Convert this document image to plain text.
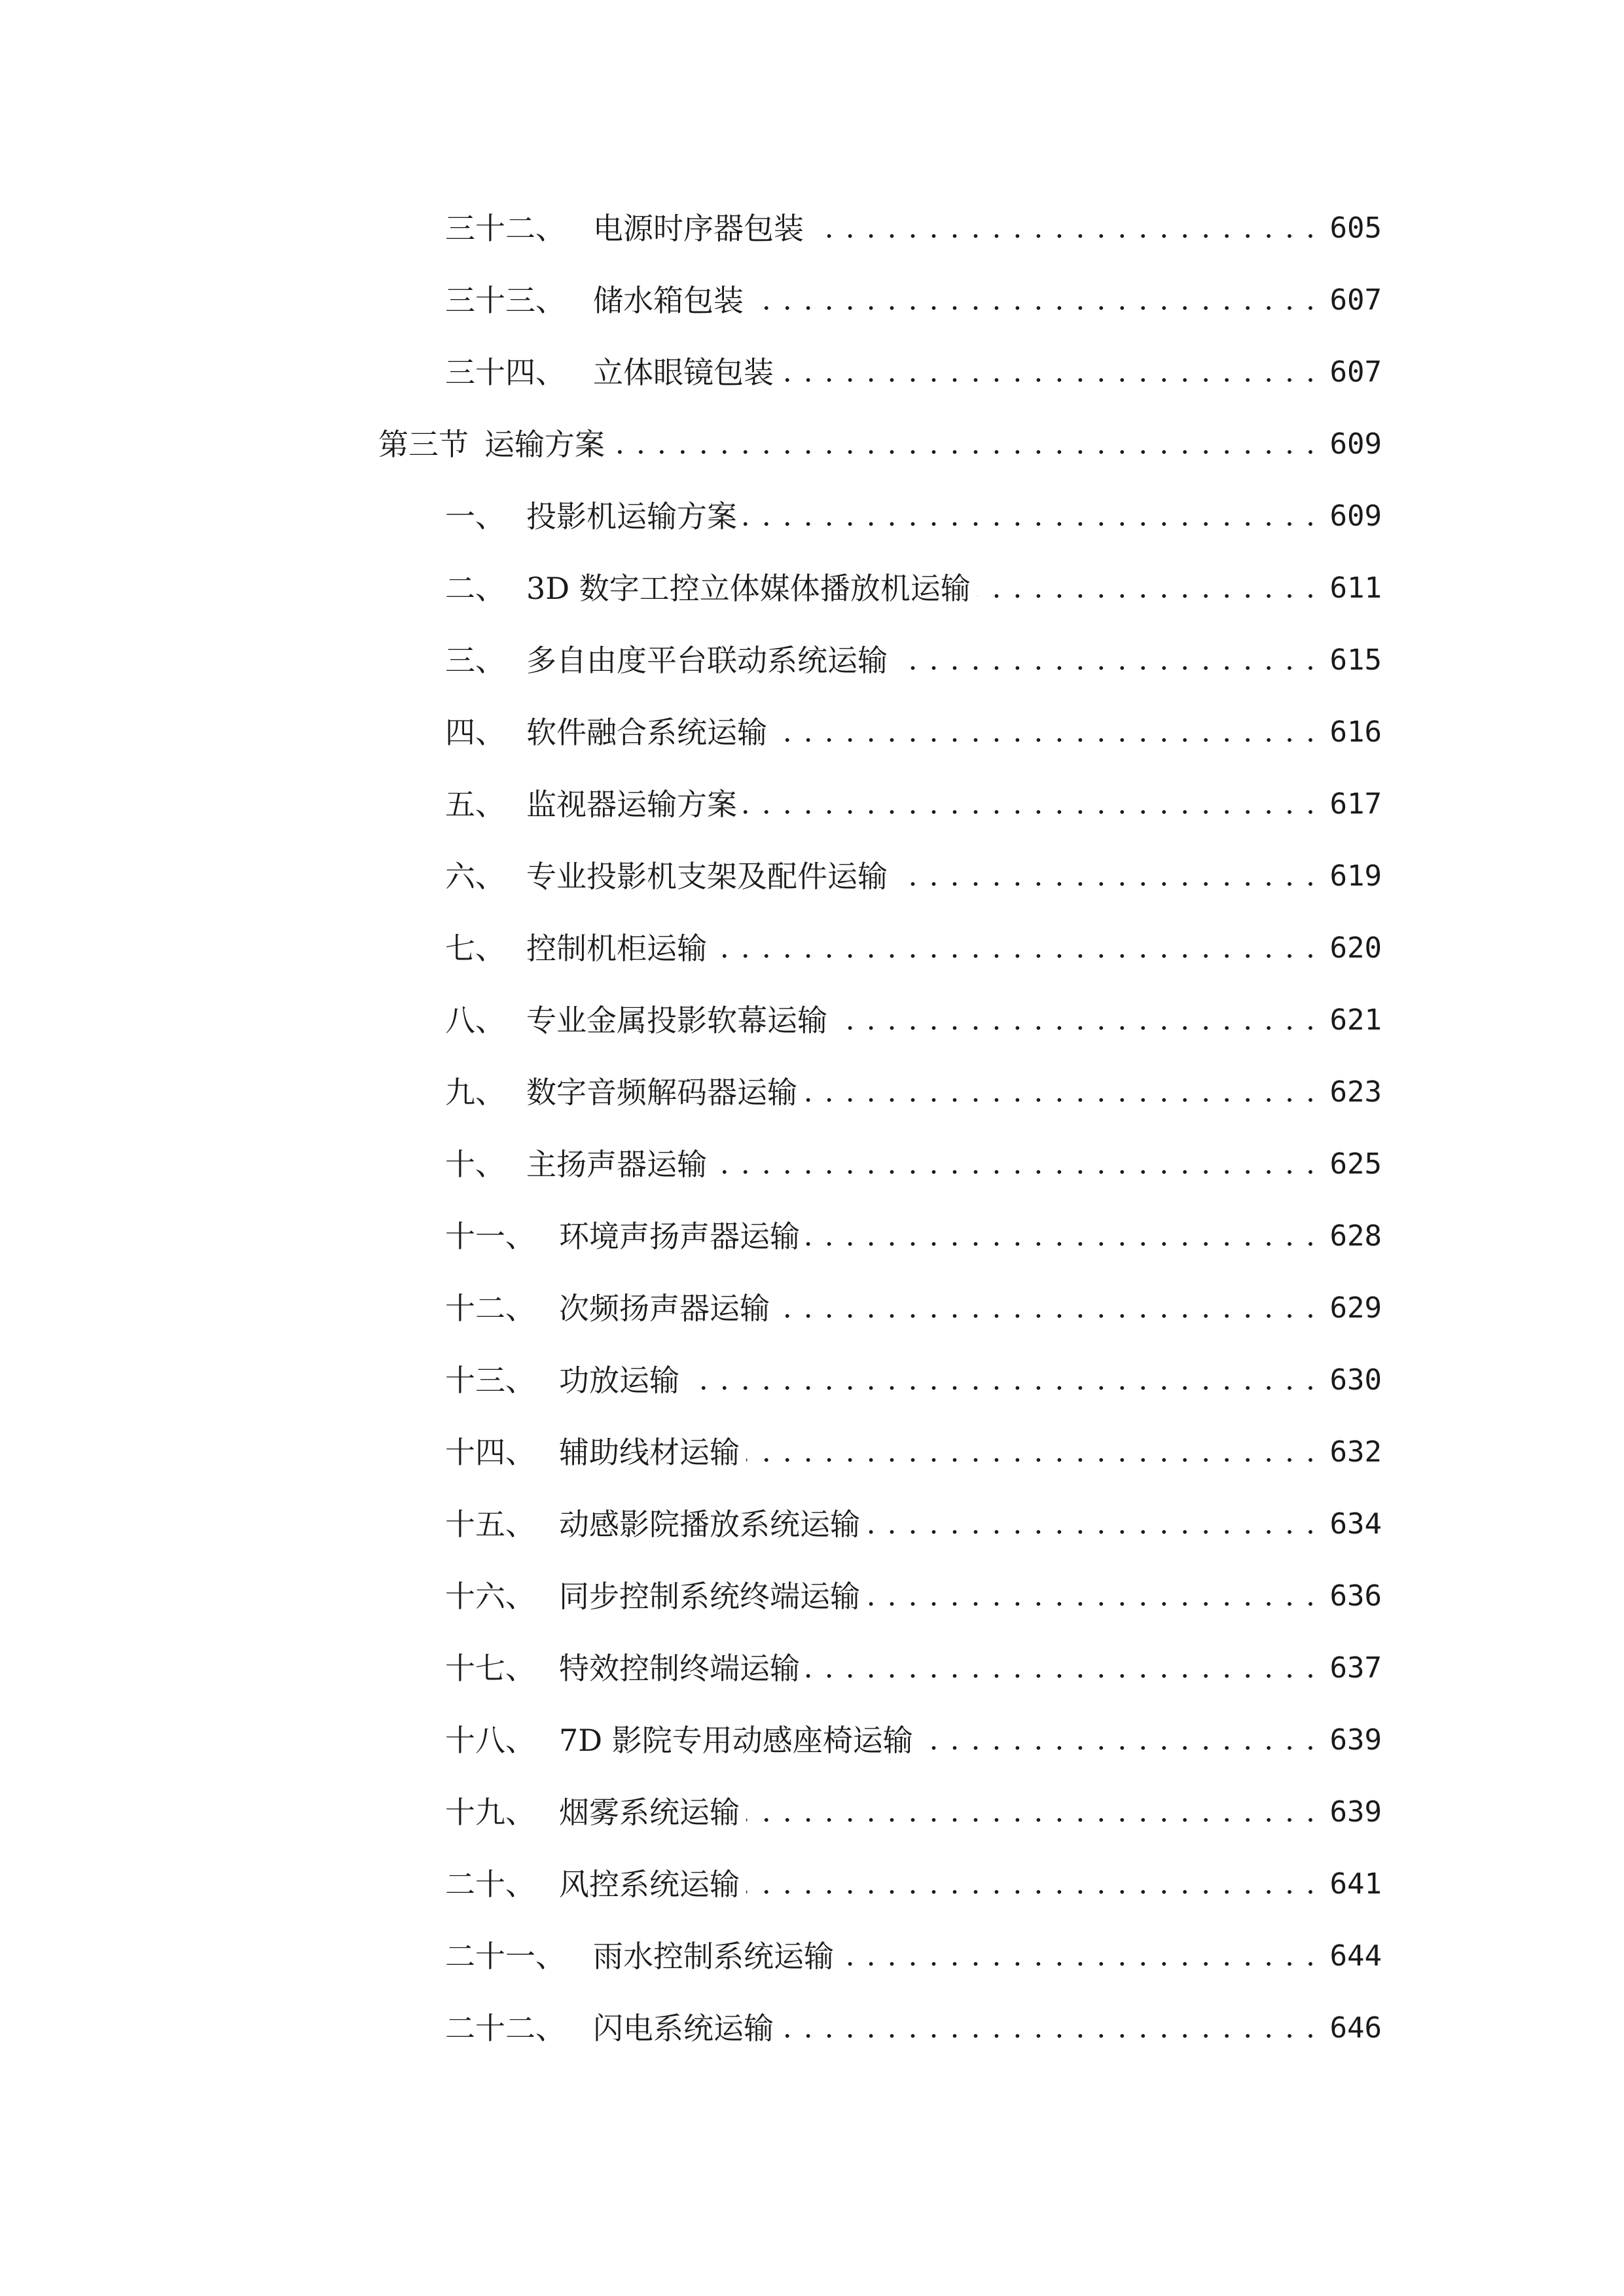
三十二、 电源时序器包装 . . .	605
三十三、 储水箱包装 . . .	607
三十四、 立体眼镜包装 . . .	607
第三节 运输方案 . . .	609
一、 投影机运输方案 . . .	609
二、 3D 数字工控立体媒体播放机运输 . . .	611
三、 多自由度平台联动系统运输 . . .	615
四、 软件融合系统运输 . . .	616
五、 监视器运输方案 . . .	617
六、 专业投影机支架及配件运输 . . .	619
七、 控制机柜运输 . . .	620
八、 专业金属投影软幕运输 . . .	621
九、 数字音频解码器运输 . . .	623
十、 主扬声器运输 . . .	625
十一、 环境声扬声器运输 . . .	628
十二、 次频扬声器运输 . . .	629
十三、 功放运输 . . .	630
十四、 辅助线材运输 . . .	632
十五、 动感影院播放系统运输 . . .	634
十六、 同步控制系统终端运输 . . .	636
十七、 特效控制终端运输 . . .	637
十八、 7D 影院专用动感座椅运输 . . .	639
十九、 烟雾系统运输 . . .	639
二十、 风控系统运输 . . .	641
二十一、 雨水控制系统运输 . . .	644
二十二、 闪电系统运输 . . .	646
